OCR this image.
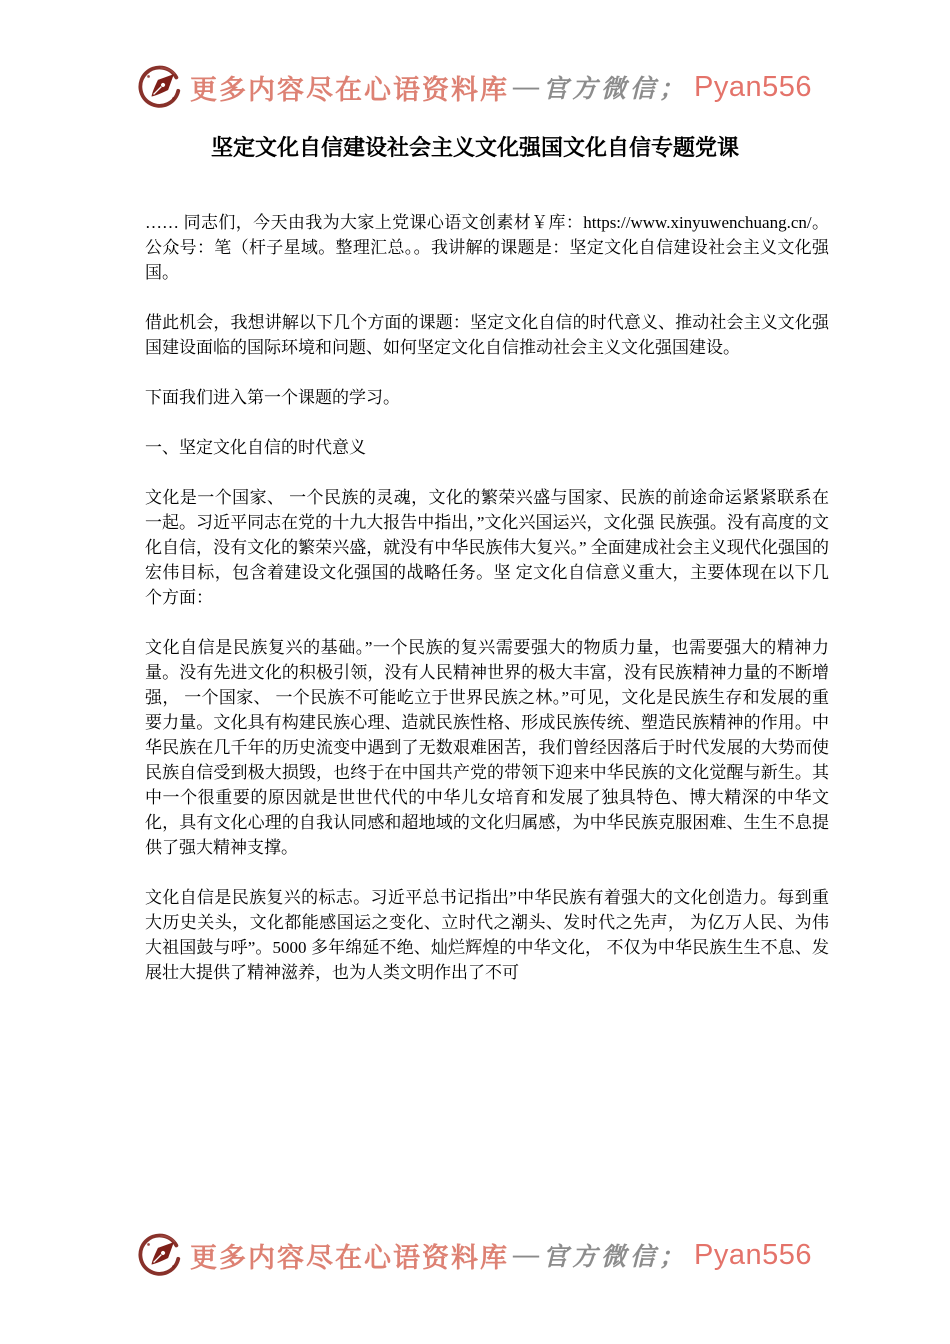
更多内容尽在心语资料库 — 官方微信； Pyan556
坚定文化自信建设社会主义文化强国文化自信专题党课

…… 同志们，今天由我为大家上党课心语文创素材￥库：https://www.xinyuwenchuang.cn/。公众号：笔（杆子星域。整理汇总。。我讲解的课题是：坚定文化自信建设社会主义文化强国。

借此机会，我想讲解以下几个方面的课题：坚定文化自信的时代意义、推动社会主义文化强国建设面临的国际环境和问题、如何坚定文化自信推动社会主义文化强国建设。

下面我们进入第一个课题的学习。

一、坚定文化自信的时代意义

文化是一个国家、 一个民族的灵魂，文化的繁荣兴盛与国家、民族的前途命运紧紧联系在一起。习近平同志在党的十九大报告中指出，”文化兴国运兴，文化强 民族强。没有高度的文化自信，没有文化的繁荣兴盛，就没有中华民族伟大复兴。” 全面建成社会主义现代化强国的宏伟目标，包含着建设文化强国的战略任务。坚 定文化自信意义重大，主要体现在以下几个方面：

文化自信是民族复兴的基础。”一个民族的复兴需要强大的物质力量，也需要强大的精神力量。没有先进文化的积极引领，没有人民精神世界的极大丰富，没有民族精神力量的不断增强， 一个国家、 一个民族不可能屹立于世界民族之林。”可见，文化是民族生存和发展的重要力量。文化具有构建民族心理、造就民族性格、形成民族传统、塑造民族精神的作用。中华民族在几千年的历史流变中遇到了无数艰难困苦，我们曾经因落后于时代发展的大势而使民族自信受到极大损毁，也终于在中国共产党的带领下迎来中华民族的文化觉醒与新生。其中一个很重要的原因就是世世代代的中华儿女培育和发展了独具特色、博大精深的中华文化，具有文化心理的自我认同感和超地域的文化归属感，为中华民族克服困难、生生不息提供了强大精神支撑。

文化自信是民族复兴的标志。习近平总书记指出”中华民族有着强大的文化创造力。每到重大历史关头，文化都能感国运之变化、立时代之潮头、发时代之先声， 为亿万人民、为伟大祖国鼓与呼”。5000 多年绵延不绝、灿烂辉煌的中华文化， 不仅为中华民族生生不息、发展壮大提供了精神滋养，也为人类文明作出了不可

更多内容尽在心语资料库 — 官方微信； Pyan556
